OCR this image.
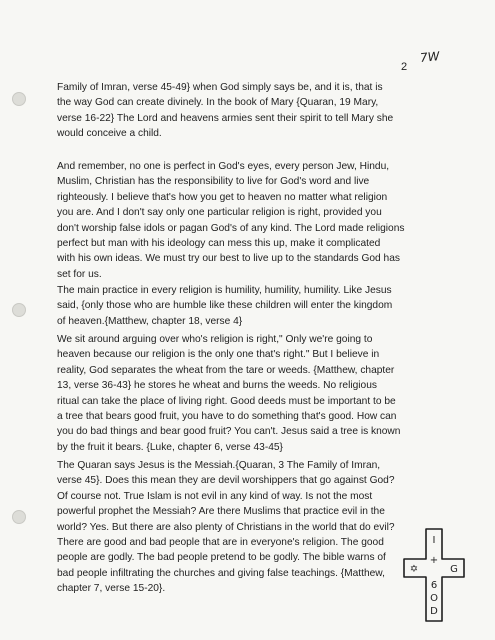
2
7W
Family of Imran, verse 45-49} when God simply says be, and it is, that is
the way God can create divinely. In the book of Mary {Quaran, 19 Mary,
verse 16-22} The Lord and heavens armies sent their spirit to tell Mary she
would conceive a child.
And remember, no one is perfect in God's eyes, every person Jew, Hindu,
Muslim, Christian has the responsibility to live for God's word and live
righteously. I believe that's how you get to heaven no matter what religion
you are. And I don't say only one particular religion is right, provided you
don't worship false idols or pagan God's of any kind. The Lord made religions
perfect but man with his ideology can mess this up, make it complicated
with his own ideas. We must try our best to live up to the standards God has
set for us.
The main practice in every religion is humility, humility, humility. Like Jesus
said, {only those who are humble like these children will enter the kingdom
of heaven.{Matthew, chapter 18, verse 4}
We sit around arguing over who's religion is right," Only we're going to
heaven because our religion is the only one that's right." But I believe in
reality, God separates the wheat from the tare or weeds. {Matthew, chapter
13, verse 36-43} he stores he wheat and burns the weeds. No religious
ritual can take the place of living right. Good deeds must be important to be
a tree that bears good fruit, you have to do something that's good. How can
you do bad things and bear good fruit? You can't. Jesus said a tree is known
by the fruit it bears. {Luke, chapter 6, verse 43-45}
The Quaran says Jesus is the Messiah.{Quaran, 3 The Family of Imran,
verse 45}. Does this mean they are devil worshippers that go against God?
Of course not. True Islam is not evil in any kind of way. Is not the most
powerful prophet the Messiah? Are there Muslims that practice evil in the
world? Yes. But there are also plenty of Christians in the world that do evil?
There are good and bad people that are in everyone's religion. The good
people are godly. The bad people pretend to be godly. The bible warns of
bad people infiltrating the churches and giving false teachings. {Matthew,
chapter 7, verse 15-20}.
I
+
✡	G
6
O
D
